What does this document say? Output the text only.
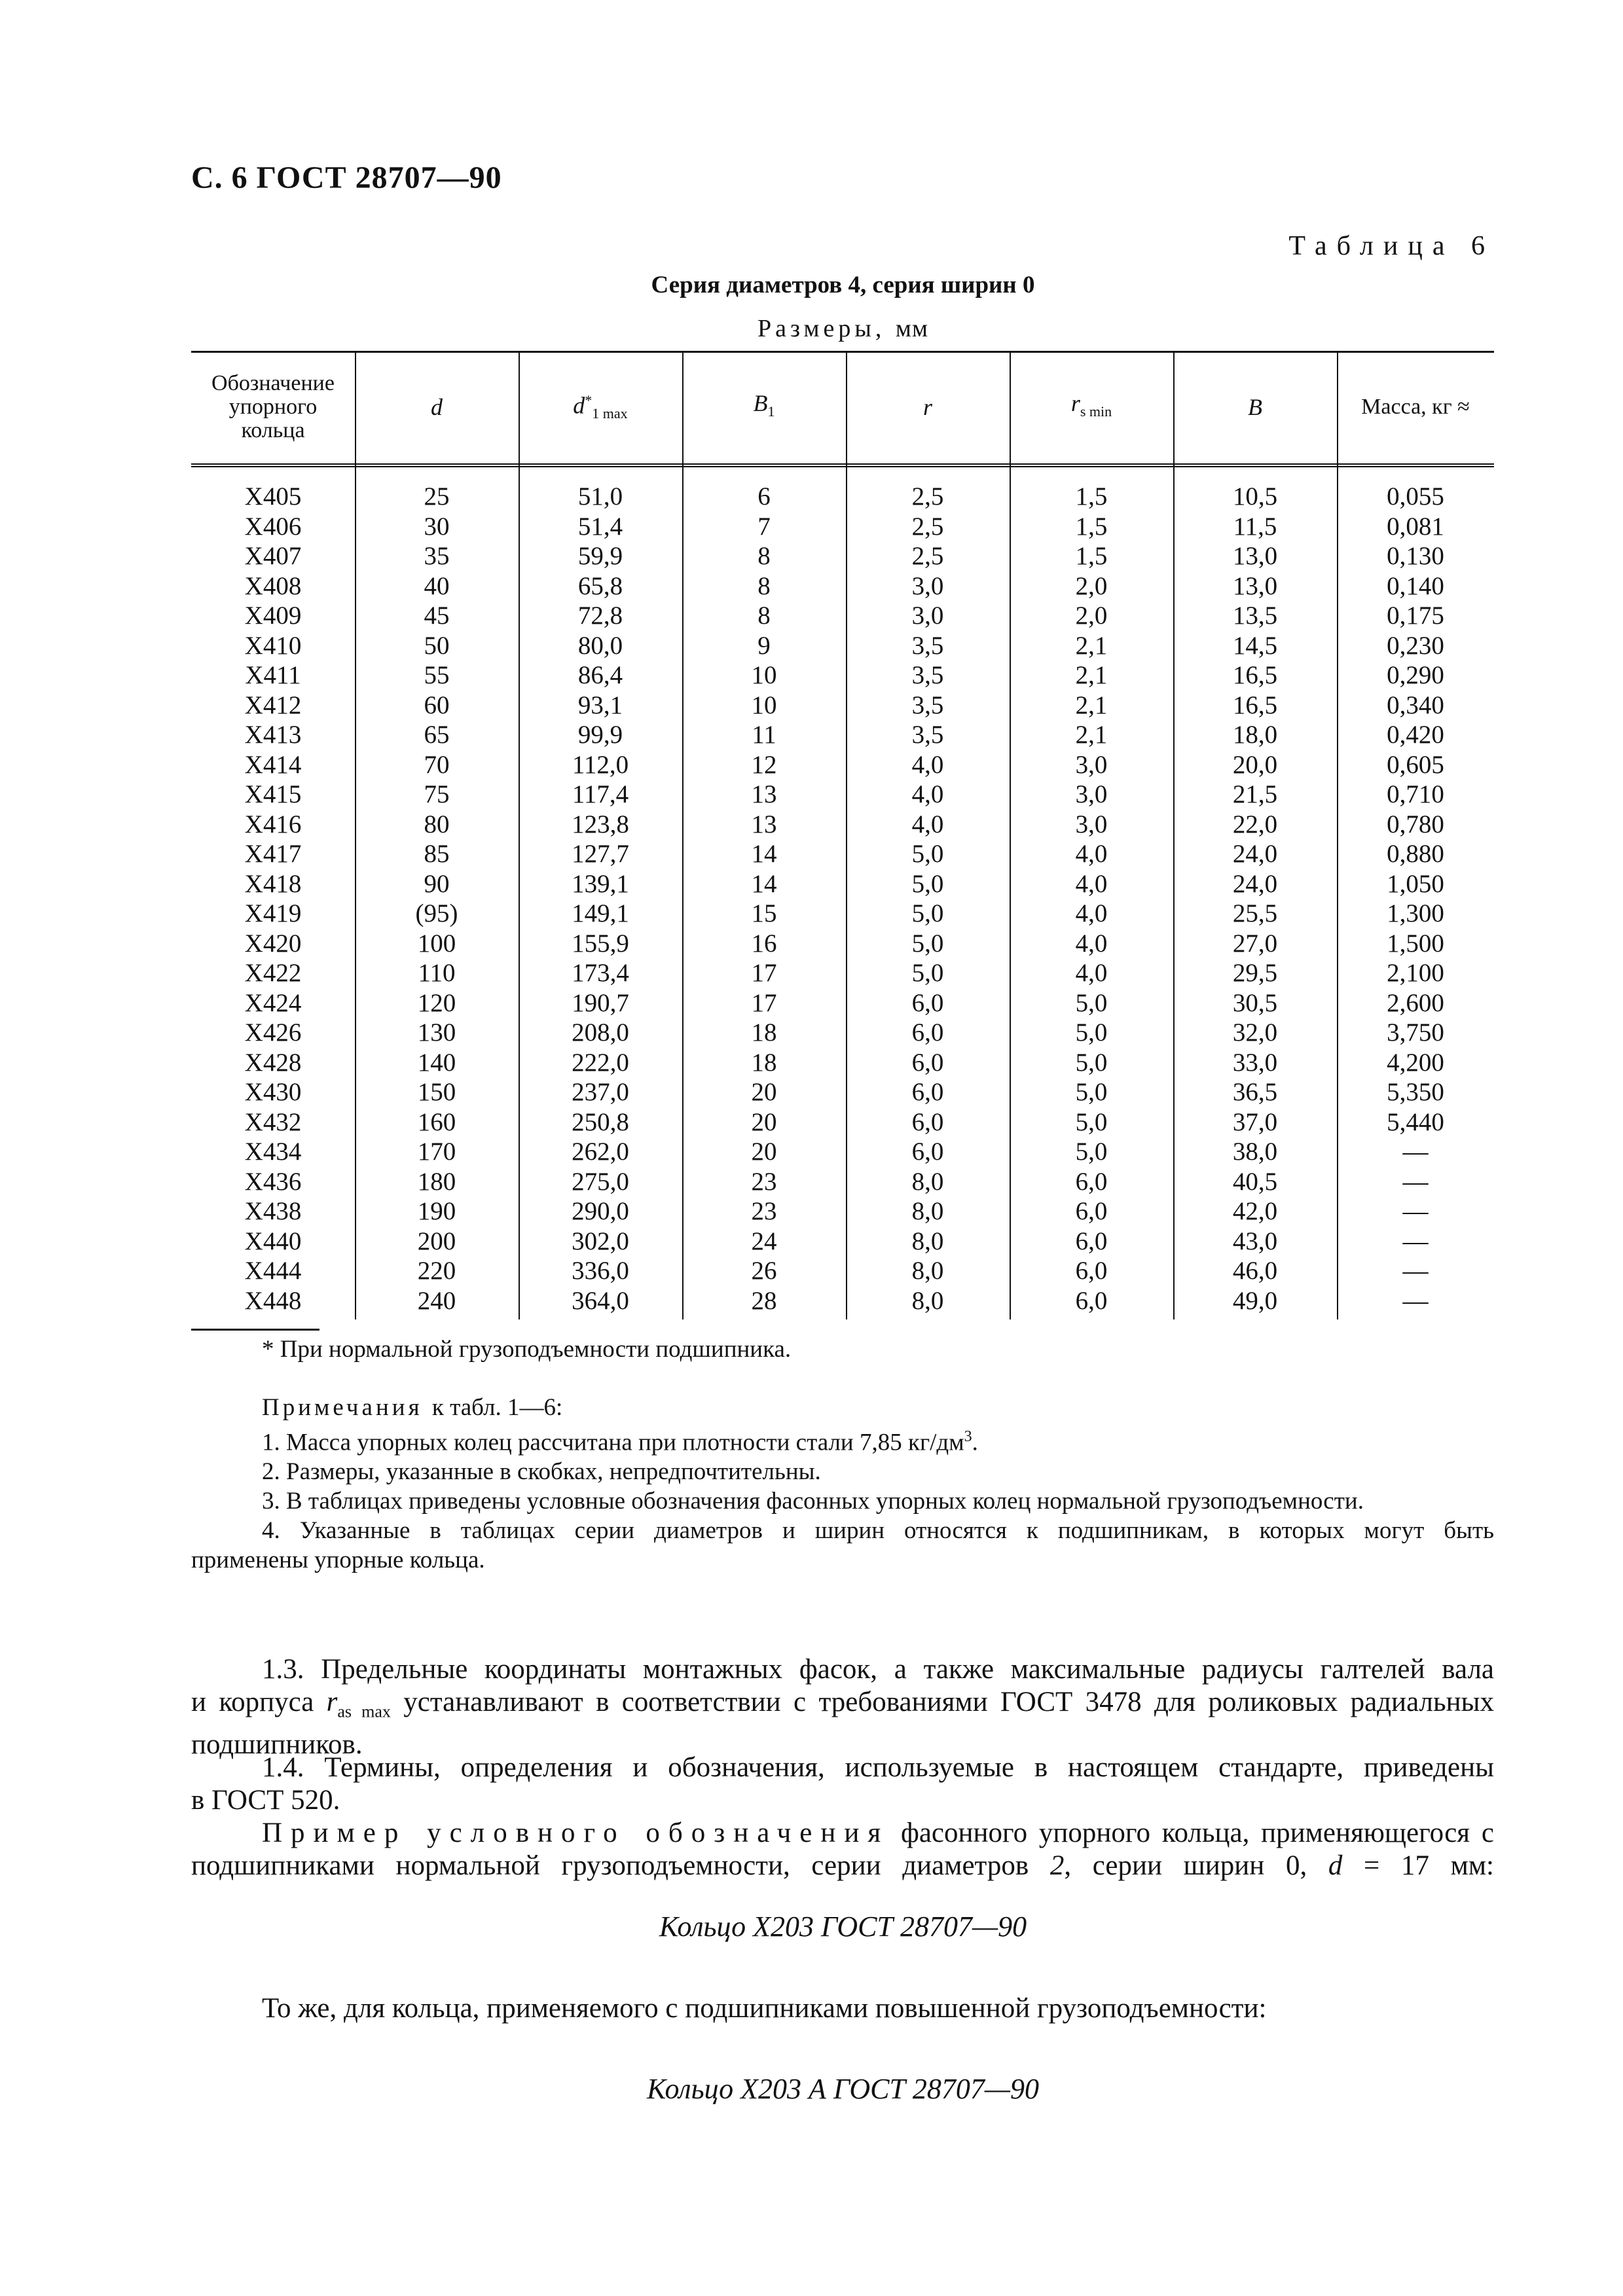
С. 6 ГОСТ 28707—90
Таблица 6
Серия диаметров 4, серия ширин 0
Размеры, мм
Обозначение
упорного
кольца
d	$d^*_{1 max}$	$B_1$	r	$r_{s min}$	B	Масса, кг ≈
Х405	25	51,0	6	2,5	1,5	10,5	0,055
Х406	30	51,4	7	2,5	1,5	11,5	0,081
Х407	35	59,9	8	2,5	1,5	13,0	0,130
Х408	40	65,8	8	3,0	2,0	13,0	0,140
Х409	45	72,8	8	3,0	2,0	13,5	0,175
Х410	50	80,0	9	3,5	2,1	14,5	0,230
Х411	55	86,4	10	3,5	2,1	16,5	0,290
Х412	60	93,1	10	3,5	2,1	16,5	0,340
Х413	65	99,9	11	3,5	2,1	18,0	0,420
Х414	70	112,0	12	4,0	3,0	20,0	0,605
Х415	75	117,4	13	4,0	3,0	21,5	0,710
Х416	80	123,8	13	4,0	3,0	22,0	0,780
Х417	85	127,7	14	5,0	4,0	24,0	0,880
Х418	90	139,1	14	5,0	4,0	24,0	1,050
Х419	(95)	149,1	15	5,0	4,0	25,5	1,300
Х420	100	155,9	16	5,0	4,0	27,0	1,500
Х422	110	173,4	17	5,0	4,0	29,5	2,100
Х424	120	190,7	17	6,0	5,0	30,5	2,600
Х426	130	208,0	18	6,0	5,0	32,0	3,750
Х428	140	222,0	18	6,0	5,0	33,0	4,200
Х430	150	237,0	20	6,0	5,0	36,5	5,350
Х432	160	250,8	20	6,0	5,0	37,0	5,440
Х434	170	262,0	20	6,0	5,0	38,0	—
Х436	180	275,0	23	8,0	6,0	40,5	—
Х438	190	290,0	23	8,0	6,0	42,0	—
Х440	200	302,0	24	8,0	6,0	43,0	—
Х444	220	336,0	26	8,0	6,0	46,0	—
Х448	240	364,0	28	8,0	6,0	49,0	—
* При нормальной грузоподъемности подшипника.
Примечания к табл. 1—6:
1. Масса упорных колец рассчитана при плотности стали 7,85 $кг/дм^3$.
2. Размеры, указанные в скобках, непредпочтительны.
3. В таблицах приведены условные обозначения фасонных упорных колец нормальной грузоподъемности.
4. Указанные в таблицах серии диаметров и ширин относятся к подшипникам, в которых могут быть
применены упорные кольца.
1.3. Предельные координаты монтажных фасок, а также максимальные радиусы галтелей вала
и корпуса $r_{as max}$ устанавливают в соответствии с требованиями ГОСТ 3478 для роликовых радиальных
подшипников.
1.4. Термины, определения и обозначения, используемые в настоящем стандарте, приведены
в ГОСТ 520.
Пример условного обозначения фасонного упорного кольца, применяющегося с
подшипниками нормальной грузоподъемности, серии диаметров 2, серии ширин 0, d = 17 мм:
Кольцо Х203 ГОСТ 28707—90
То же, для кольца, применяемого с подшипниками повышенной грузоподъемности:
Кольцо Х203 А ГОСТ 28707—90
